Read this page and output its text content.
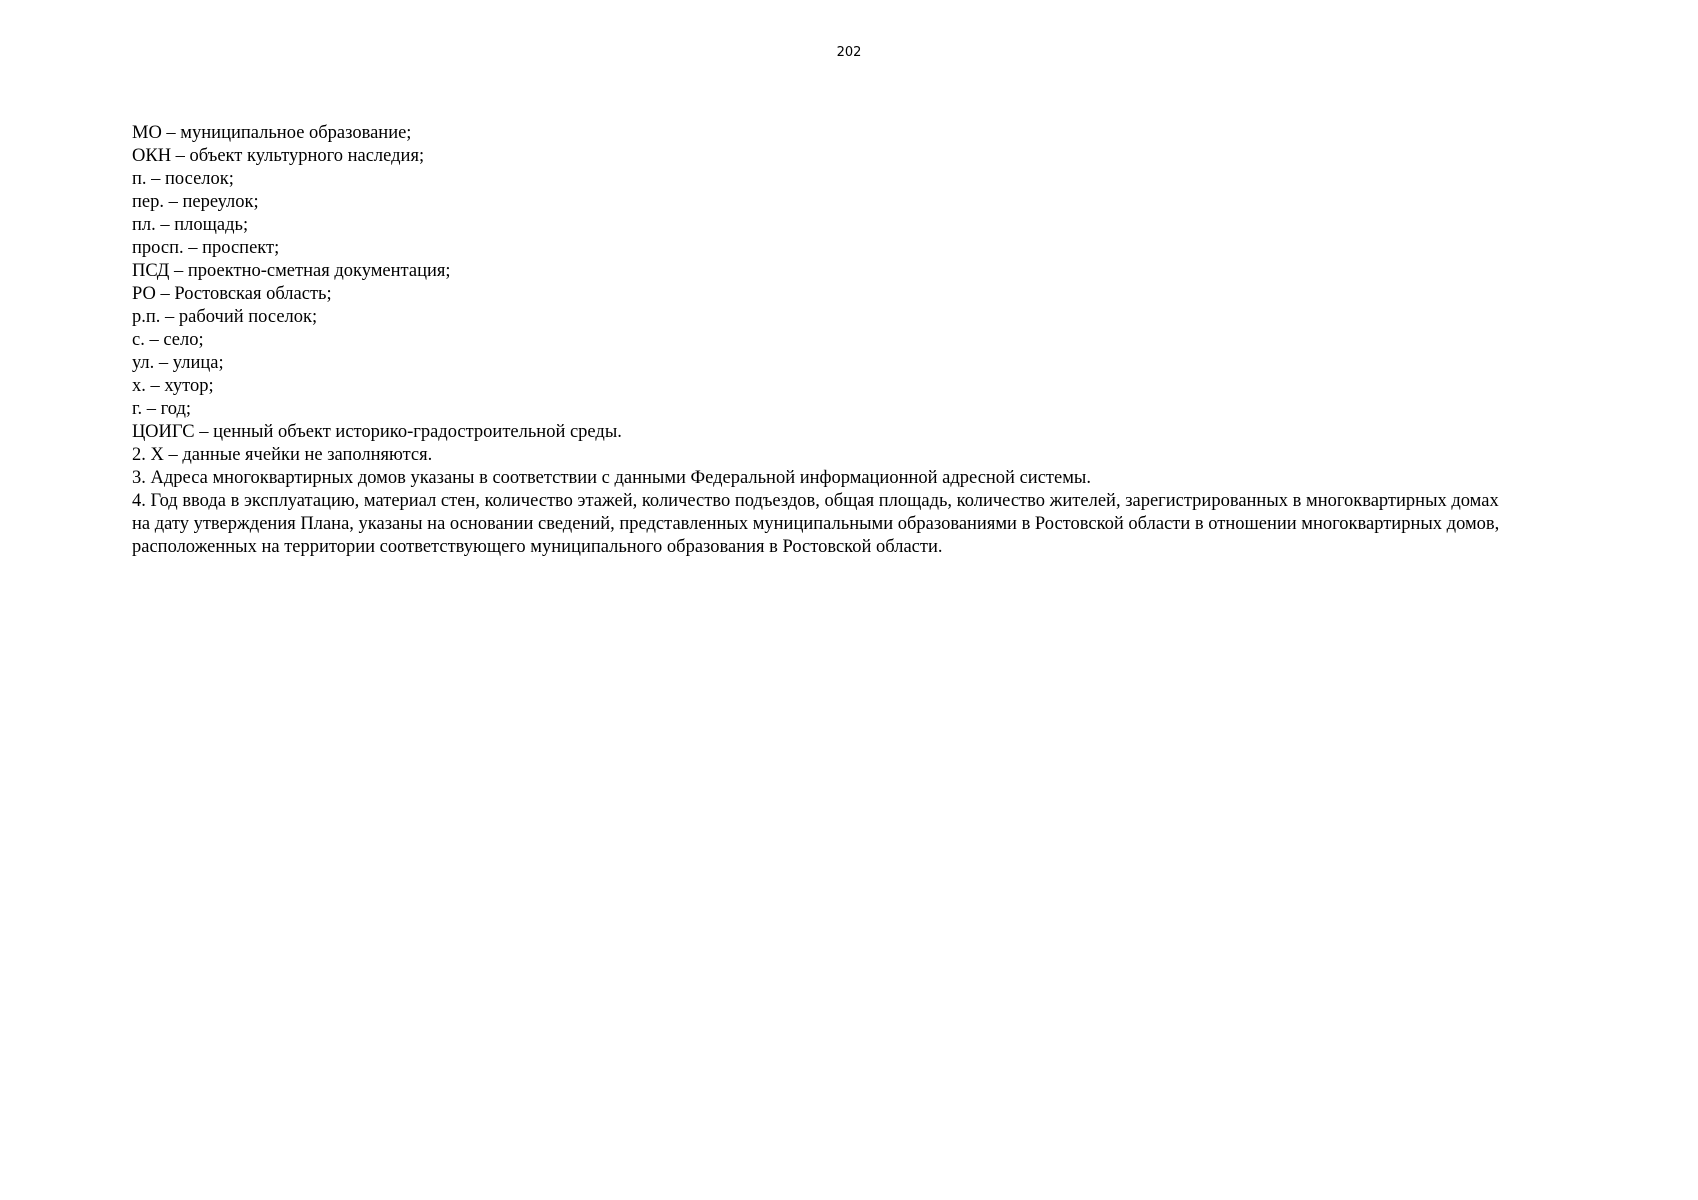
202
МО – муниципальное образование;
ОКН – объект культурного наследия;
п. – поселок;
пер. – переулок;
пл. – площадь;
просп. – проспект;
ПСД – проектно-сметная документация;
РО – Ростовская область;
р.п. – рабочий поселок;
с. – село;
ул. – улица;
х. – хутор;
г. – год;
ЦОИГС – ценный объект историко-градостроительной среды.
2. Х – данные ячейки не заполняются.
3. Адреса многоквартирных домов указаны в соответствии с данными Федеральной информационной адресной системы.
4. Год ввода в эксплуатацию, материал стен, количество этажей, количество подъездов, общая площадь, количество жителей, зарегистрированных в многоквартирных домах
на дату утверждения Плана, указаны на основании сведений, представленных муниципальными образованиями в Ростовской области в отношении многоквартирных домов,
расположенных на территории соответствующего муниципального образования в Ростовской области.
